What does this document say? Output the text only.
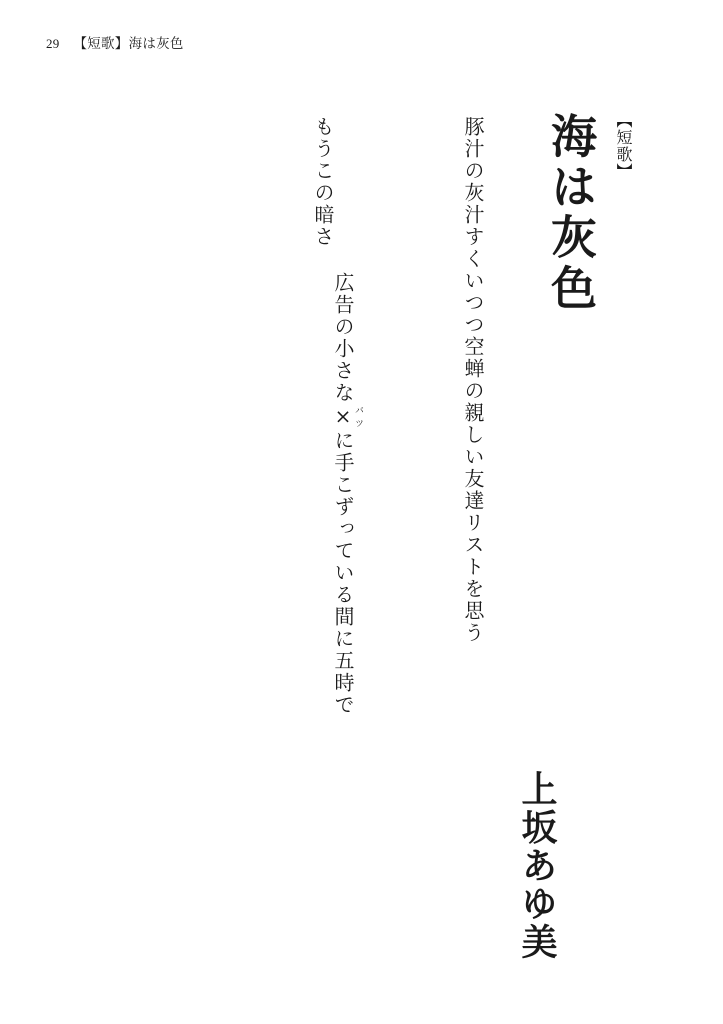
29 【短歌】海は灰色
【短歌】
海は灰色

広告の小さな×バツに手こずっている間に五時でもうこの暗さ
	豚汁の灰汁すくいつつ空蝉の親しい友達リストを思う
上坂あゆ美
